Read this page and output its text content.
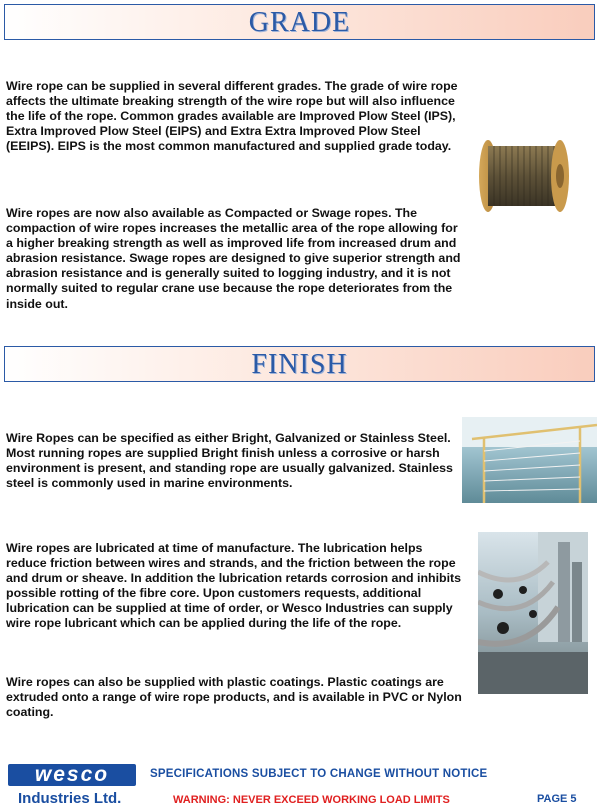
GRADE

Wire rope can be supplied in several different grades. The grade of wire rope affects the ultimate breaking strength of the wire rope but will also influence the life of the rope. Common grades available are Improved Plow Steel (IPS), Extra Improved Plow Steel (EIPS) and Extra Extra Improved Plow Steel (EEIPS). EIPS is the most common manufactured and supplied grade today.

Wire ropes are now also available as Compacted or Swage ropes. The compaction of wire ropes increases the metallic area of the rope allowing for a higher breaking strength as well as improved life from increased drum and abrasion resistance. Swage ropes are designed to give superior strength and abrasion resistance and is generally suited to logging industry, and it is not normally suited to regular crane use because the rope deteriorates from the inside out.

FINISH

Wire Ropes can be specified as either Bright, Galvanized or Stainless Steel. Most running ropes are supplied Bright finish unless a corrosive or harsh environment is present, and standing rope are usually galvanized. Stainless steel is commonly used in marine environments.

Wire ropes are lubricated at time of manufacture. The lubrication helps reduce friction between wires and strands, and the friction between the rope and drum or sheave. In addition the lubrication retards corrosion and inhibits possible rotting of the fibre core. Upon customers requests, additional lubrication can be supplied at time of order, or Wesco Industries can supply wire rope lubricant which can be applied during the life of the rope.

Wire ropes can also be supplied with plastic coatings. Plastic coatings are extruded onto a range of wire rope products, and is available in PVC or Nylon coating.

wesco
Industries Ltd.
SPECIFICATIONS SUBJECT TO CHANGE WITHOUT NOTICE
WARNING: NEVER EXCEED WORKING LOAD LIMITS	PAGE 5
